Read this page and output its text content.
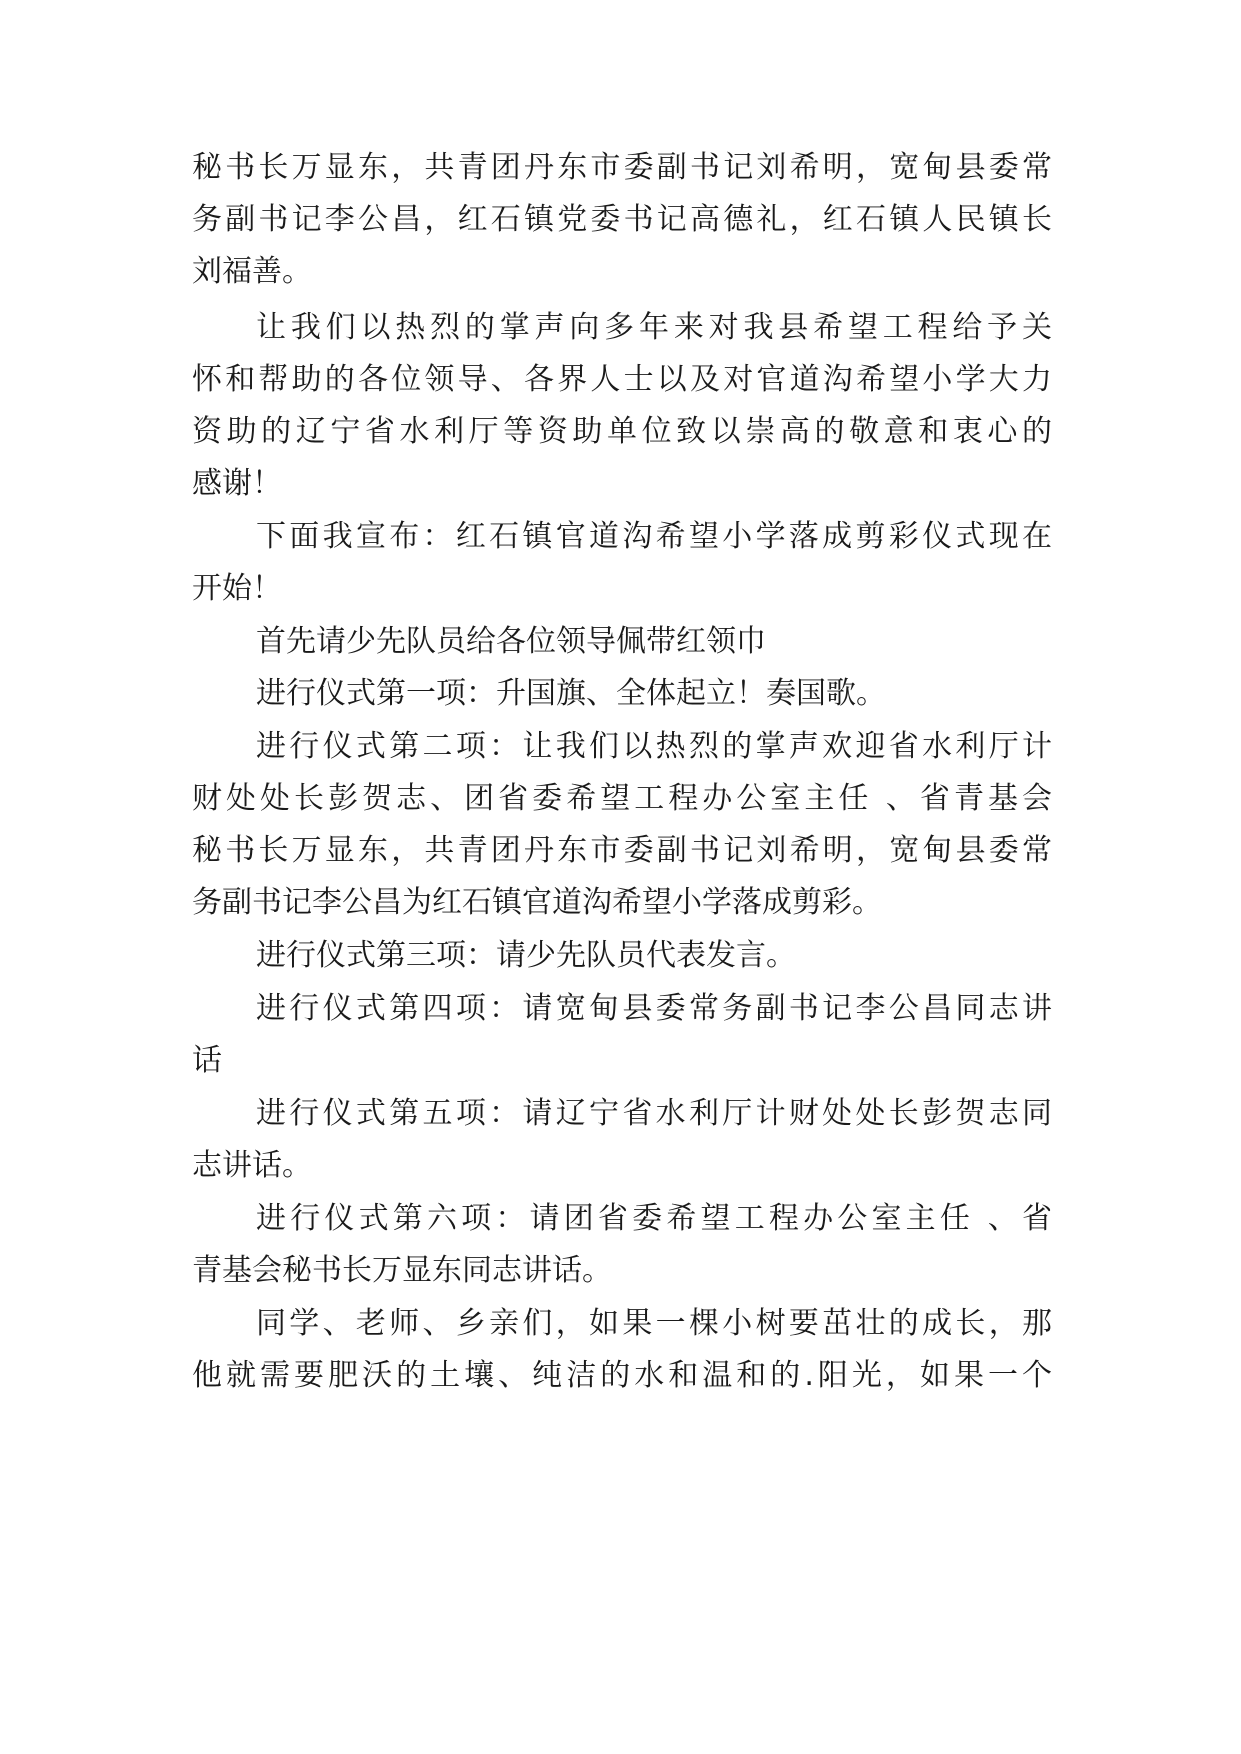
秘书长万显东，共青团丹东市委副书记刘希明，宽甸县委常
务副书记李公昌，红石镇党委书记高德礼，红石镇人民镇长
刘福善。
让我们以热烈的掌声向多年来对我县希望工程给予关
怀和帮助的各位领导、各界人士以及对官道沟希望小学大力
资助的辽宁省水利厅等资助单位致以崇高的敬意和衷心的
感谢！
下面我宣布：红石镇官道沟希望小学落成剪彩仪式现在
开始！
首先请少先队员给各位领导佩带红领巾
进行仪式第一项：升国旗、全体起立！奏国歌。
进行仪式第二项：让我们以热烈的掌声欢迎省水利厅计
财处处长彭贺志、团省委希望工程办公室主任 、省青基会
秘书长万显东，共青团丹东市委副书记刘希明，宽甸县委常
务副书记李公昌为红石镇官道沟希望小学落成剪彩。
进行仪式第三项：请少先队员代表发言。
进行仪式第四项：请宽甸县委常务副书记李公昌同志讲
话
进行仪式第五项：请辽宁省水利厅计财处处长彭贺志同
志讲话。
进行仪式第六项：请团省委希望工程办公室主任 、省
青基会秘书长万显东同志讲话。
同学、老师、乡亲们，如果一棵小树要茁壮的成长，那
他就需要肥沃的土壤、纯洁的水和温和的.阳光，如果一个
